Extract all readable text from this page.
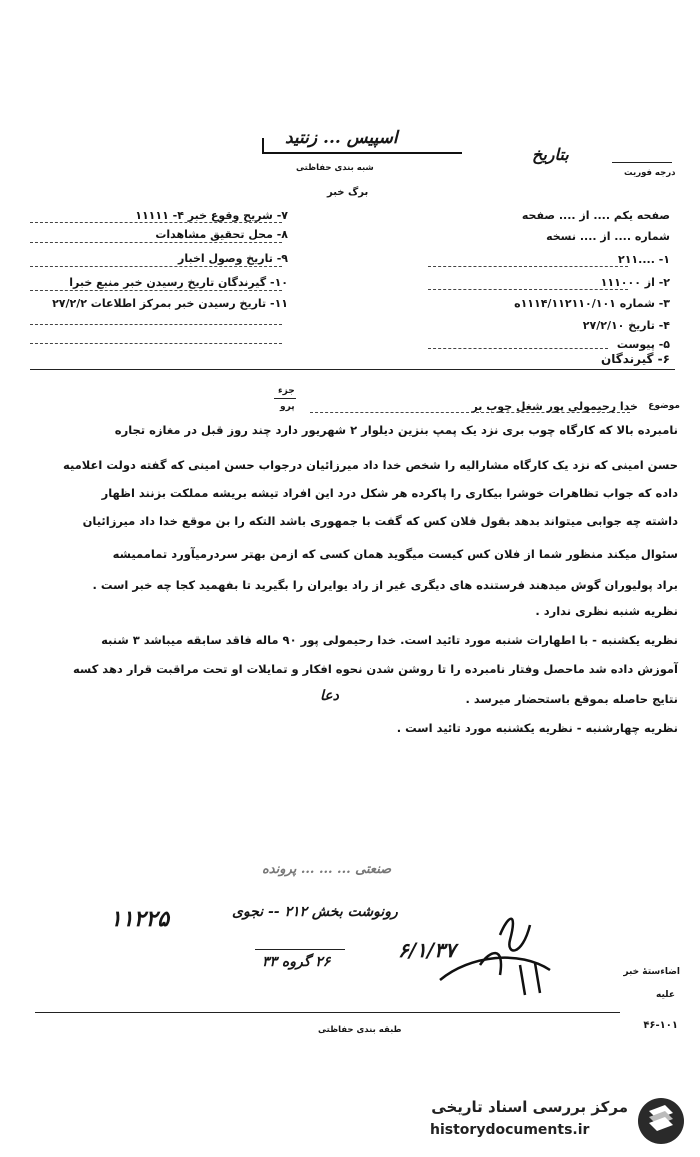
اسپیس ... زنتید
شبه بندی حفاظتی
برگ خبر
بتاریخ
درجه فوریت
۷- شریح وقوع خبر ۴- ۱۱۱۱۱
۸- محل تحقیق مشاهدات
۹- تاریخ وصول اخبار
۱۰- گیرندگان تاریخ رسیدن خبر منبع خبرا
۱۱- تاریخ رسیدن خبر بمرکز اطلاعات ۲۷/۲/۲
صفحه یکم .... از .... صفحه
شماره .... از .... نسخه
۱- ....۲۱۱
۲- از ۱۱۱۰۰۰
۳- شماره ۱۱۱۴/۱۱۲۱۱۰/۱۰۱ه
۴- تاریخ ۲۷/۲/۱۰
۵- پیوست
۶- گیرندگان
موضوع
خدا رحیمولی پور شغل چوب بر
جزء
پرو
نامبرده بالا که کارگاه چوب بری نزد یک پمپ بنزین دیلوار ۲ شهریور دارد چند روز قبل در مغازه تجاره
حسن امینی که نزد یک کارگاه مشارالیه را شخص خدا داد میرزائیان درجواب حسن امینی که گفته دولت اعلامیه
داده که جواب تظاهرات خوشرا بیکاری را پاکرده هر شکل درد این افراد تیشه بریشه مملکت بزنند اظهار
داشته چه جوابی میتواند بدهد بقول فلان کس که گفت با جمهوری باشد التکه را بن موقع خدا داد میرزائیان
سئوال میکند منظور شما از فلان کس کیست میگوید همان کسی که ازمن بهتر سردرمیآورد تماممیشه
براد پولیوران گوش میدهند فرستنده های دیگری غیر از راد یوایران را بگیرید تا بفهمید کجا چه خبر است .
نظریه شنبه نظری ندارد .
نظریه یکشنبه - با اطهارات شنبه مورد تائید است. خدا رحیمولی پور ۹۰ ماله فاقد سابقه میباشد ۳ شنبه
آموزش داده شد ماحصل وفتار نامبرده را تا روشن شدن نحوه افکار و تمایلات او تحت مراقبت قرار دهد کسه
نتایج حاصله بموقع باستحضار میرسد .
دعا
نظریه چهارشنبه - نظریه یکشنبه مورد تائید است .
صنعتی ... ... ... پرونده
۱۱۲۲۵	رونوشت بخش ۲۱۲ -- نجوی
۲۶ گروه ۳۳	۶/۱/۳۷
اضاءستهٔ خبر
علیه
۴۶-۱۰۱
طبقه بندی حفاظتی
مرکز بررسی اسناد تاریخی
historydocuments.ir
